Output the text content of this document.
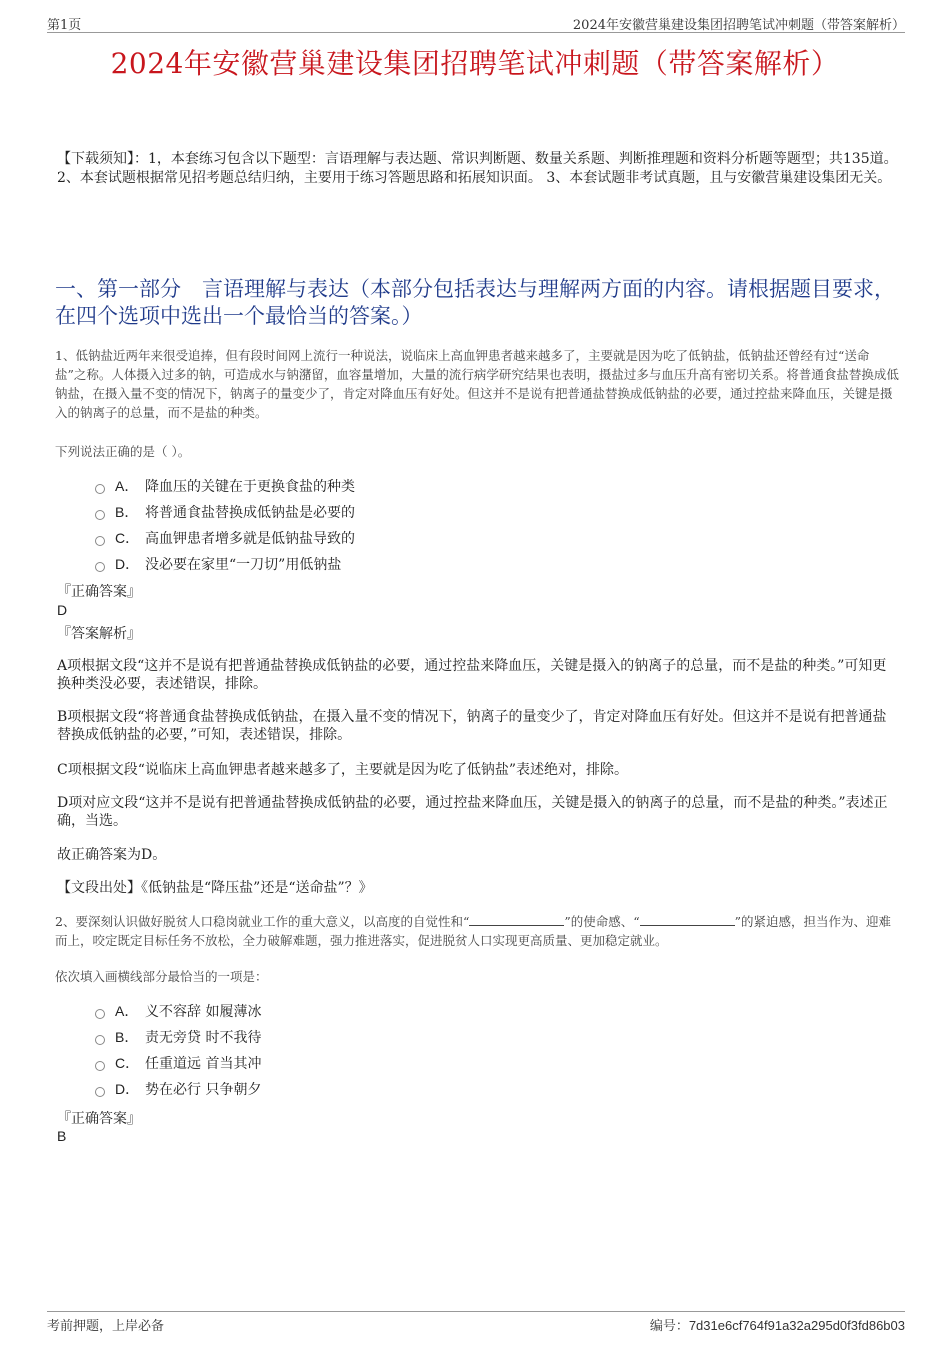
第1页	2024年安徽营巢建设集团招聘笔试冲刺题（带答案解析）
2024年安徽营巢建设集团招聘笔试冲刺题（带答案解析）
【下载须知】：1，本套练习包含以下题型：言语理解与表达题、常识判断题、数量关系题、判断推理题和资料分析题等题型；共135道。 2、本套试题根据常见招考题总结归纳，主要用于练习答题思路和拓展知识面。 3、本套试题非考试真题，且与安徽营巢建设集团无关。
一、第一部分　言语理解与表达（本部分包括表达与理解两方面的内容。请根据题目要求，在四个选项中选出一个最恰当的答案。）
1、低钠盐近两年来很受追捧，但有段时间网上流行一种说法，说临床上高血钾患者越来越多了，主要就是因为吃了低钠盐，低钠盐还曾经有过“送命盐”之称。人体摄入过多的钠，可造成水与钠潴留，血容量增加，大量的流行病学研究结果也表明，摄盐过多与血压升高有密切关系。将普通食盐替换成低钠盐，在摄入量不变的情况下，钠离子的量变少了，肯定对降血压有好处。但这并不是说有把普通盐替换成低钠盐的必要，通过控盐来降血压，关键是摄入的钠离子的总量，而不是盐的种类。
下列说法正确的是（ ）。
A． 降血压的关键在于更换食盐的种类
B． 将普通食盐替换成低钠盐是必要的
C． 高血钾患者增多就是低钠盐导致的
D． 没必要在家里“一刀切”用低钠盐
『正确答案』
D
『答案解析』
A项根据文段“这并不是说有把普通盐替换成低钠盐的必要，通过控盐来降血压，关键是摄入的钠离子的总量，而不是盐的种类。”可知更换种类没必要，表述错误，排除。
B项根据文段“将普通食盐替换成低钠盐，在摄入量不变的情况下，钠离子的量变少了，肯定对降血压有好处。但这并不是说有把普通盐替换成低钠盐的必要，”可知，表述错误，排除。
C项根据文段“说临床上高血钾患者越来越多了，主要就是因为吃了低钠盐”表述绝对，排除。
D项对应文段“这并不是说有把普通盐替换成低钠盐的必要，通过控盐来降血压，关键是摄入的钠离子的总量，而不是盐的种类。”表述正确，当选。
故正确答案为D。
【文段出处】《低钠盐是“降压盐”还是“送命盐”？》
2、要深刻认识做好脱贫人口稳岗就业工作的重大意义，以高度的自觉性和“	”的使命感、“	”的紧迫感，担当作为、迎难而上，咬定既定目标任务不放松，全力破解难题，强力推进落实，促进脱贫人口实现更高质量、更加稳定就业。
依次填入画横线部分最恰当的一项是：
A． 义不容辞 如履薄冰
B． 责无旁贷 时不我待
C． 任重道远 首当其冲
D． 势在必行 只争朝夕
『正确答案』
B
考前押题，上岸必备	编号：7d31e6cf764f91a32a295d0f3fd86b03
